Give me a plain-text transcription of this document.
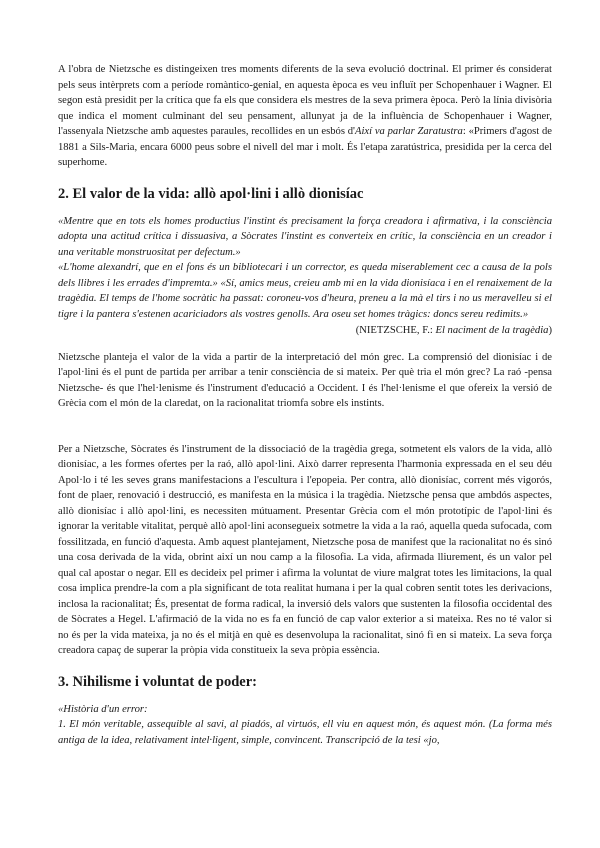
A l'obra de Nietzsche es distingeixen tres moments diferents de la seva evolució doctrinal. El primer és considerat pels seus intèrprets com a període romàntico-genial, en aquesta època es veu influït per Schopenhauer i Wagner. El segon està presidit per la crítica que fa els que considera els mestres de la seva primera època. Però la línia divisòria que indica el moment culminant del seu pensament, allunyat ja de la influència de Schopenhauer i Wagner, l'assenyala Nietzsche amb aquestes paraules, recollides en un esbós d'Així va parlar Zaratustra: «Primers d'agost de 1881 a Sils-Maria, encara 6000 peus sobre el nivell del mar i molt. És l'etapa zaratústrica, presidida per la cerca del superhome.

2. El valor de la vida: allò apol·lini i allò dionisíac

«Mentre que en tots els homes productius l'instint és precisament la força creadora i afirmativa, i la consciència adopta una actitud crítica i dissuasiva, a Sòcrates l'instint es converteix en crític, la consciència en un creador i una veritable monstruositat per defectum.»

«L'home alexandrí, que en el fons és un bibliotecari i un corrector, es queda miserablement cec a causa de la pols dels llibres i les errades d'impremta.» «Sí, amics meus, creieu amb mi en la vida dionisíaca i en el renaixement de la tragèdia. El temps de l'home socràtic ha passat: coroneu-vos d'heura, preneu a la mà el tirs i no us meravelleu si el tigre i la pantera s'estenen acariciadors als vostres genolls. Ara oseu set homes tràgics: doncs sereu redimits.»

(NIETZSCHE, F.: El naciment de la tragèdia)

Nietzsche planteja el valor de la vida a partir de la interpretació del món grec. La comprensió del dionisíac i de l'apol·lini és el punt de partida per arribar a tenir consciència de si mateix. Per què tria el món grec? La raó -pensa Nietzsche- és que l'hel·lenisme és l'instrument d'educació a Occident. I és l'hel·lenisme el que ofereix la versió de Grècia com el món de la claredat, on la racionalitat triomfa sobre els instints.

Per a Nietzsche, Sòcrates és l'instrument de la dissociació de la tragèdia grega, sotmetent els valors de la vida, allò dionisíac, a les formes ofertes per la raó, allò apol·lini. Això darrer representa l'harmonia expressada en el seu déu Apol·lo i té les seves grans manifestacions a l'escultura i l'epopeia. Per contra, allò dionisíac, corrent més vigorós, font de plaer, renovació i destrucció, es manifesta en la música i la tragèdia. Nietzsche pensa que ambdós aspectes, allò dionisíac i allò apol·lini, es necessiten mútuament. Presentar Grècia com el món prototípic de l'apol·lini és ignorar la veritable vitalitat, perquè allò apol·lini aconsegueix sotmetre la vida a la raó, aquella queda sufocada, com fossilitzada, en funció d'aquesta. Amb aquest plantejament, Nietzsche posa de manifest que la racionalitat no és sinó una cosa derivada de la vida, obrint així un nou camp a la filosofia. La vida, afirmada lliurement, és un valor pel qual cal apostar o negar. Ell es decideix pel primer i afirma la voluntat de viure malgrat totes les limitacions, la qual cosa implica prendre-la com a pla significant de tota realitat humana i per la qual cobren sentit totes les derivacions, inclosa la racionalitat; És, presentat de forma radical, la inversió dels valors que sustenten la filosofia occidental des de Sòcrates a Hegel. L'afirmació de la vida no es fa en funció de cap valor exterior a si mateixa. Res no té valor si no és per la vida mateixa, ja no és el mitjà en què es desenvolupa la racionalitat, sinó fi en si mateix. La seva força creadora capaç de superar la pròpia vida constitueix la seva pròpia essència.

3. Nihilisme i voluntat de poder:

«Història d'un error:

1. El món veritable, assequible al savi, al piadós, al virtuós, ell viu en aquest món, és aquest món. (La forma més antiga de la idea, relativament intel·ligent, simple, convincent. Transcripció de la tesi «jo,
